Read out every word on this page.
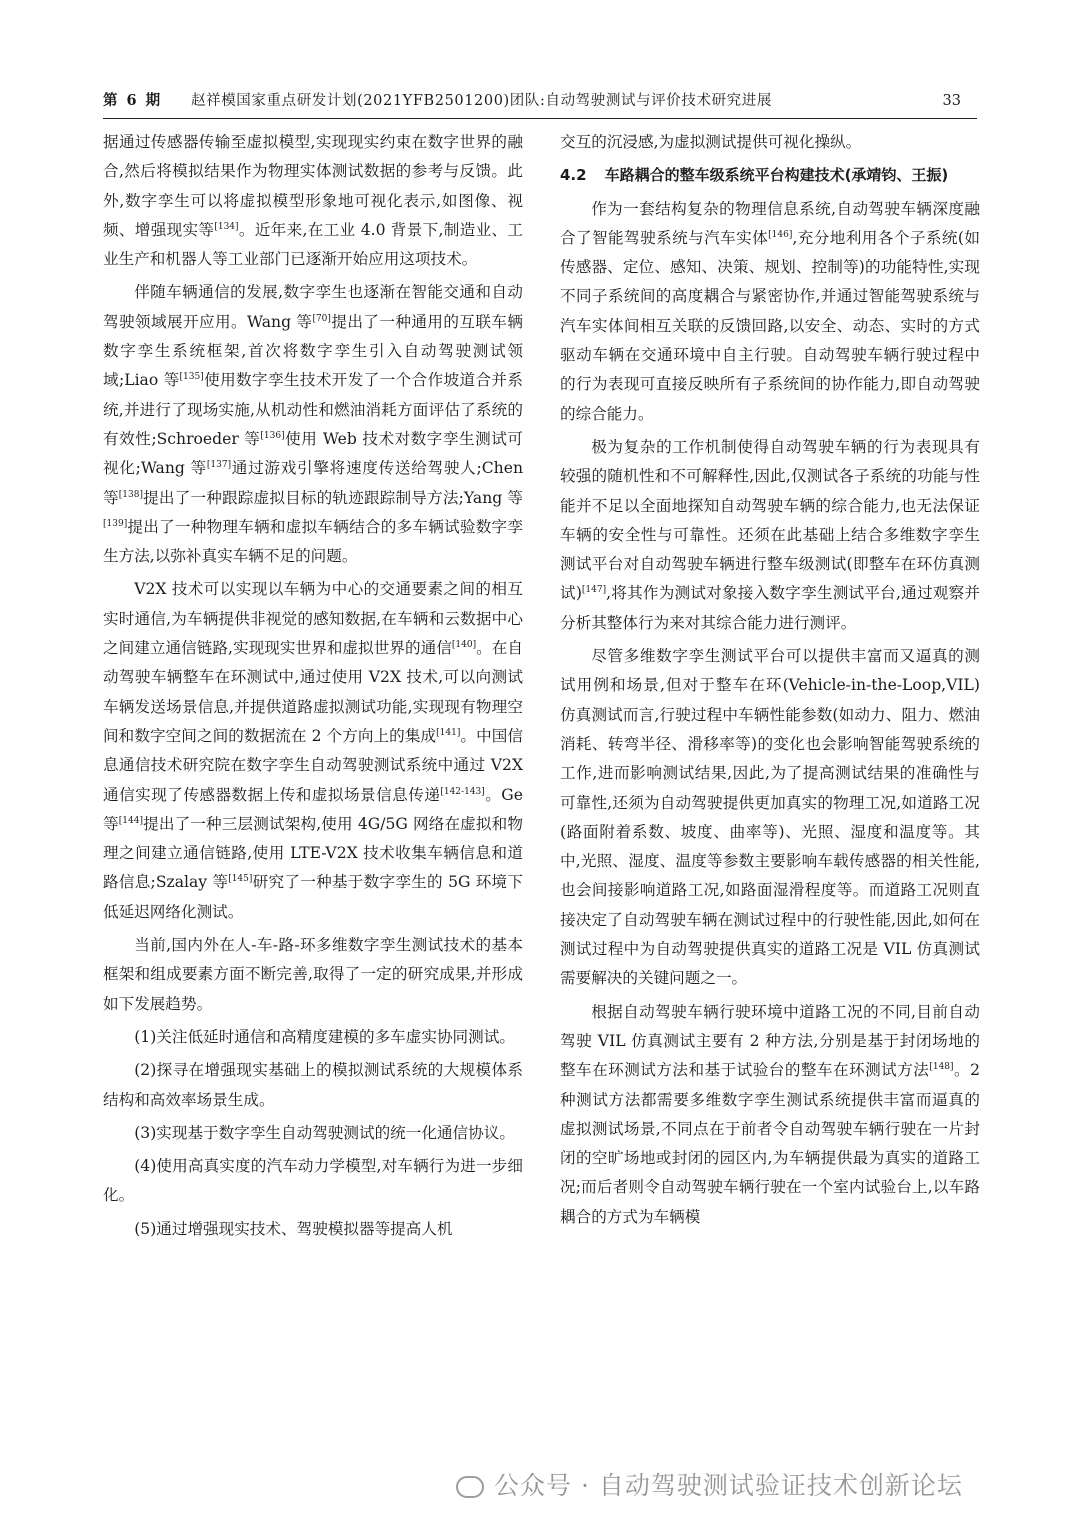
第 6 期 赵祥模国家重点研发计划(2021YFB2501200)团队:自动驾驶测试与评价技术研究进展	33

据通过传感器传输至虚拟模型,实现现实约束在数字世界的融合,然后将模拟结果作为物理实体测试数据的参考与反馈。此外,数字孪生可以将虚拟模型形象地可视化表示,如图像、视频、增强现实等[134]。近年来,在工业 4.0 背景下,制造业、工业生产和机器人等工业部门已逐渐开始应用这项技术。

伴随车辆通信的发展,数字孪生也逐渐在智能交通和自动驾驶领域展开应用。Wang 等[70]提出了一种通用的互联车辆数字孪生系统框架,首次将数字孪生引入自动驾驶测试领域;Liao 等[135]使用数字孪生技术开发了一个合作坡道合并系统,并进行了现场实施,从机动性和燃油消耗方面评估了系统的有效性;Schroeder 等[136]使用 Web 技术对数字孪生测试可视化;Wang 等[137]通过游戏引擎将速度传送给驾驶人;Chen 等[138]提出了一种跟踪虚拟目标的轨迹跟踪制导方法;Yang 等[139]提出了一种物理车辆和虚拟车辆结合的多车辆试验数字孪生方法,以弥补真实车辆不足的问题。

V2X 技术可以实现以车辆为中心的交通要素之间的相互实时通信,为车辆提供非视觉的感知数据,在车辆和云数据中心之间建立通信链路,实现现实世界和虚拟世界的通信[140]。在自动驾驶车辆整车在环测试中,通过使用 V2X 技术,可以向测试车辆发送场景信息,并提供道路虚拟测试功能,实现现有物理空间和数字空间之间的数据流在 2 个方向上的集成[141]。中国信息通信技术研究院在数字孪生自动驾驶测试系统中通过 V2X 通信实现了传感器数据上传和虚拟场景信息传递[142-143]。Ge 等[144]提出了一种三层测试架构,使用 4G/5G 网络在虚拟和物理之间建立通信链路,使用 LTE-V2X 技术收集车辆信息和道路信息;Szalay 等[145]研究了一种基于数字孪生的 5G 环境下低延迟网络化测试。

当前,国内外在人-车-路-环多维数字孪生测试技术的基本框架和组成要素方面不断完善,取得了一定的研究成果,并形成如下发展趋势。

(1)关注低延时通信和高精度建模的多车虚实协同测试。

(2)探寻在增强现实基础上的模拟测试系统的大规模体系结构和高效率场景生成。

(3)实现基于数字孪生自动驾驶测试的统一化通信协议。

(4)使用高真实度的汽车动力学模型,对车辆行为进一步细化。

(5)通过增强现实技术、驾驶模拟器等提高人机

交互的沉浸感,为虚拟测试提供可视化操纵。

4.2 车路耦合的整车级系统平台构建技术(承靖钧、王振)

作为一套结构复杂的物理信息系统,自动驾驶车辆深度融合了智能驾驶系统与汽车实体[146],充分地利用各个子系统(如传感器、定位、感知、决策、规划、控制等)的功能特性,实现不同子系统间的高度耦合与紧密协作,并通过智能驾驶系统与汽车实体间相互关联的反馈回路,以安全、动态、实时的方式驱动车辆在交通环境中自主行驶。自动驾驶车辆行驶过程中的行为表现可直接反映所有子系统间的协作能力,即自动驾驶的综合能力。

极为复杂的工作机制使得自动驾驶车辆的行为表现具有较强的随机性和不可解释性,因此,仅测试各子系统的功能与性能并不足以全面地探知自动驾驶车辆的综合能力,也无法保证车辆的安全性与可靠性。还须在此基础上结合多维数字孪生测试平台对自动驾驶车辆进行整车级测试(即整车在环仿真测试)[147],将其作为测试对象接入数字孪生测试平台,通过观察并分析其整体行为来对其综合能力进行测评。

尽管多维数字孪生测试平台可以提供丰富而又逼真的测试用例和场景,但对于整车在环(Vehicle-in-the-Loop,VIL)仿真测试而言,行驶过程中车辆性能参数(如动力、阻力、燃油消耗、转弯半径、滑移率等)的变化也会影响智能驾驶系统的工作,进而影响测试结果,因此,为了提高测试结果的准确性与可靠性,还须为自动驾驶提供更加真实的物理工况,如道路工况(路面附着系数、坡度、曲率等)、光照、湿度和温度等。其中,光照、湿度、温度等参数主要影响车载传感器的相关性能,也会间接影响道路工况,如路面湿滑程度等。而道路工况则直接决定了自动驾驶车辆在测试过程中的行驶性能,因此,如何在测试过程中为自动驾驶提供真实的道路工况是 VIL 仿真测试需要解决的关键问题之一。

根据自动驾驶车辆行驶环境中道路工况的不同,目前自动驾驶 VIL 仿真测试主要有 2 种方法,分别是基于封闭场地的整车在环测试方法和基于试验台的整车在环测试方法[148]。2 种测试方法都需要多维数字孪生测试系统提供丰富而逼真的虚拟测试场景,不同点在于前者令自动驾驶车辆行驶在一片封闭的空旷场地或封闭的园区内,为车辆提供最为真实的道路工况;而后者则令自动驾驶车辆行驶在一个室内试验台上,以车路耦合的方式为车辆模

公众号 · 自动驾驶测试验证技术创新论坛
